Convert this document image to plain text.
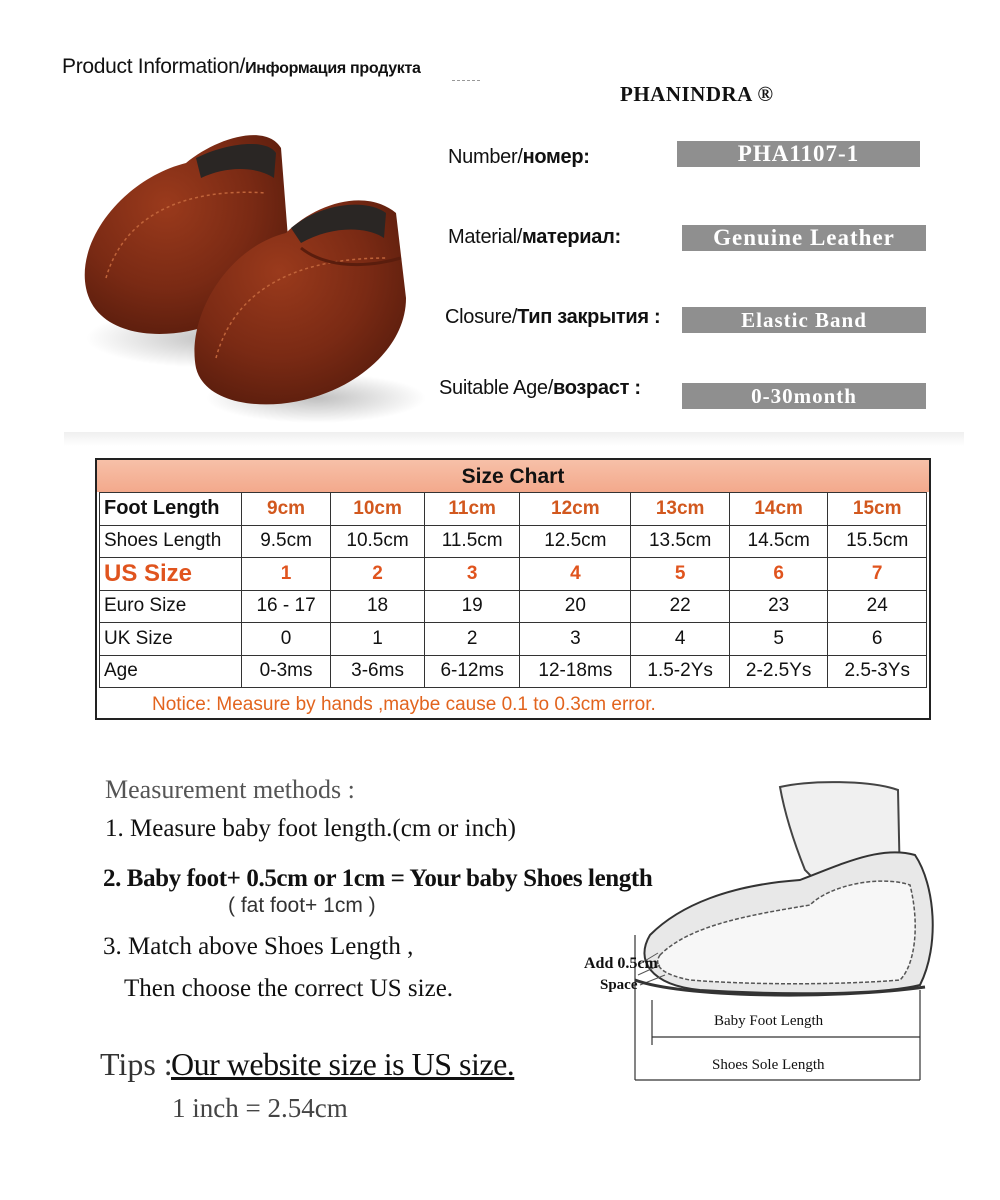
Product Information/Информация продукта
PHANINDRA ®
Number/номер:	PHA1107-1
Material/материал:	Genuine Leather
Closure/Тип закрытия :	Elastic Band
Suitable Age/возраст :	0-30month
Size Chart
Foot Length	9cm	10cm	11cm	12cm	13cm	14cm	15cm
Shoes Length	9.5cm	10.5cm	11.5cm	12.5cm	13.5cm	14.5cm	15.5cm
US Size	1	2	3	4	5	6	7
Euro Size	16 - 17	18	19	20	22	23	24
UK Size	0	1	2	3	4	5	6
Age	0-3ms	3-6ms	6-12ms	12-18ms	1.5-2Ys	2-2.5Ys	2.5-3Ys
Notice: Measure by hands ,maybe cause 0.1 to 0.3cm error.
Measurement methods :
1. Measure baby foot length.(cm or inch)
2. Baby foot+ 0.5cm or 1cm = Your baby Shoes length
( fat foot+ 1cm )
3. Match above Shoes Length ,
Then choose the correct US size.
Tips :
Our website size is US size.
1 inch = 2.54cm
Add 0.5cm
Space
Baby Foot Length
Shoes Sole Length
